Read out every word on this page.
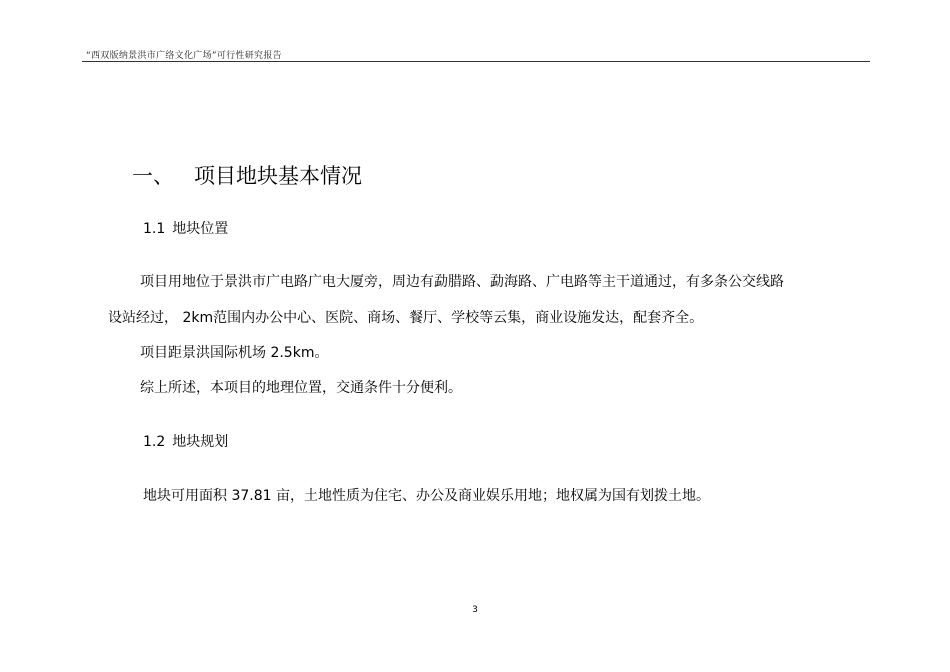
“西双版纳景洪市广络文化广场”可行性研究报告
一、 项目地块基本情况
1.1 地块位置
项目用地位于景洪市广电路广电大厦旁，周边有勐腊路、勐海路、广电路等主干道通过，有多条公交线路
设站经过， 2km范围内办公中心、医院、商场、餐厅、学校等云集，商业设施发达，配套齐全。
项目距景洪国际机场 2.5km。
综上所述，本项目的地理位置，交通条件十分便利。
1.2 地块规划
地块可用面积 37.81 亩，土地性质为住宅、办公及商业娱乐用地；地权属为国有划拨土地。
3
